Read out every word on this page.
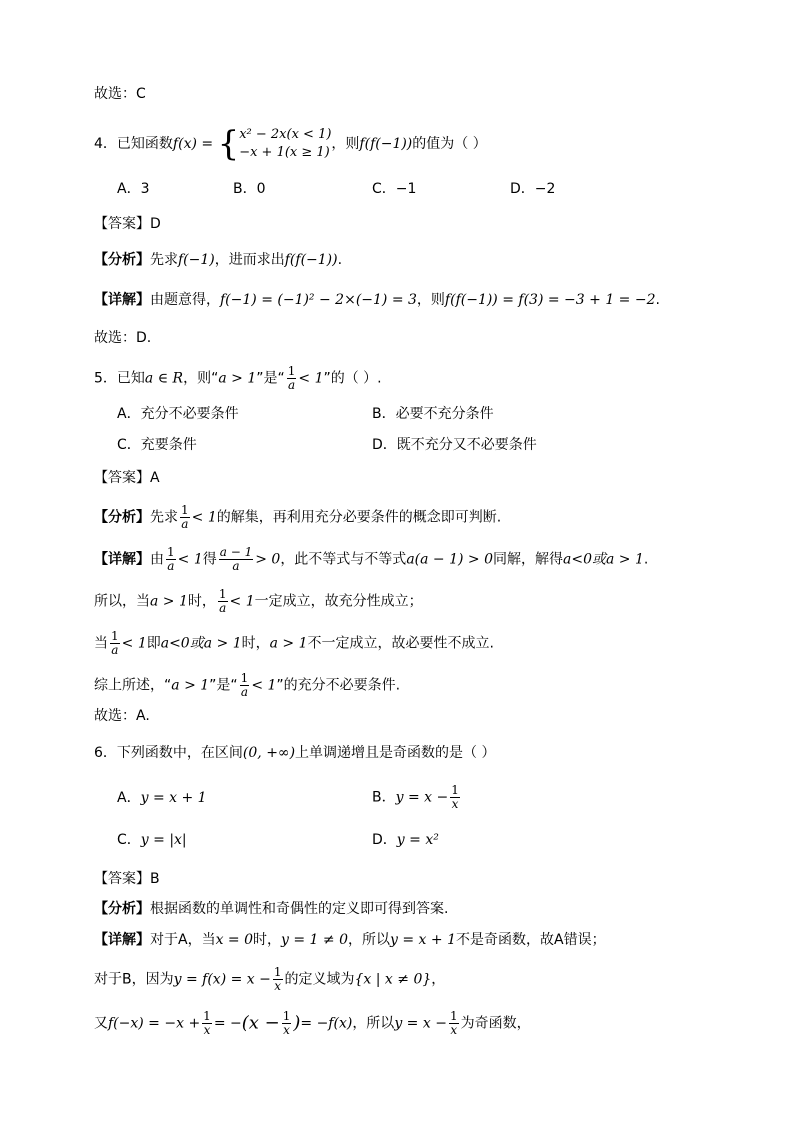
故选：C
4．已知函数f(x) = { x² − 2x(x < 1)
−x + 1(x ≥ 1)
，则f(f(−1))的值为（ ）
A．3	B．0	C．−1	D．−2
【答案】D
【分析】先求f(−1)，进而求出f(f(−1)).
【详解】由题意得，f(−1) = (−1)² − 2×(−1) = 3，则f(f(−1)) = f(3) = −3 + 1 = −2.
故选：D.
5．已知a ∈ R，则“a > 1”是“ $\frac{1}{a} < 1$”的（ ）.
A．充分不必要条件	B．必要不充分条件
C．充要条件	D．既不充分又不必要条件
【答案】A
【分析】先求 $\frac{1}{a} < 1$的解集，再利用充分必要条件的概念即可判断.
【详解】由 $\frac{1}{a} < 1$得 $\frac{a - 1}{a} > 0$，此不等式与不等式a(a − 1) > 0同解，解得a<0或a > 1.
所以，当a > 1时， $\frac{1}{a} < 1$一定成立，故充分性成立；
当 $\frac{1}{a} < 1$即a<0或a > 1时，a > 1不一定成立，故必要性不成立.
综上所述，“a > 1”是“ $\frac{1}{a} < 1$”的充分不必要条件.
故选：A.
6．下列函数中，在区间(0, +∞)上单调递增且是奇函数的是（ ）
A．y = x + 1	B．$y = x - \frac{1}{x}$
C．y = |x|	D．y = x²
【答案】B
【分析】根据函数的单调性和奇偶性的定义即可得到答案.
【详解】对于A，当x = 0时，y = 1 ≠ 0，所以y = x + 1不是奇函数，故A错误；
对于B，因为$y = f(x) = x - \frac{1}{x}$ 的定义域为{x | x ≠ 0}，
又$f(-x) = -x + \frac{1}{x} = -(x - \frac{1}{x}$ )= −f(x)，所以$y = x - \frac{1}{x}$ 为奇函数，
